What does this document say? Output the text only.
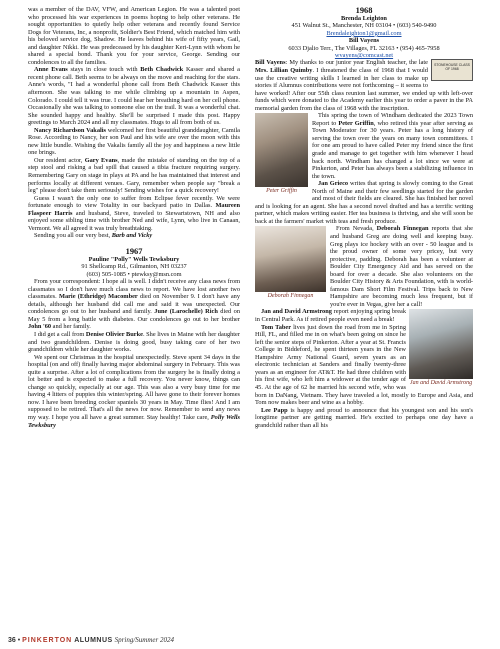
was a member of the DAV, VFW, and American Legion. He was a talented poet who processed his war experiences in poems hoping to help other veterans. He sought opportunities to quietly help other veterans and recently found Service Dogs for Veterans, Inc, a nonprofit, Soldier's Best Friend, which matched him with his beloved service dog, Shadow. He leaves behind his wife of fifty years, Gail, and daughter Nikki. He was predeceased by his daughter Keri-Lynn with whom he shared a special bond. Thank you for your service, George. Sending our condolences to all the families.

Anne Evans stays in close touch with Beth Chadwick Kasser and shared a recent phone call. Beth seems to be always on the move and reaching for the stars. Anne's words, "I had a wonderful phone call from Beth Chadwick Kasser this afternoon. She was talking to me while climbing up a mountain in Aspen, Colorado. I could tell it was true. I could hear her breathing hard on her cell phone. Occasionally she was talking to someone else on the trail. It was a wonderful chat. She sounded happy and healthy. She'll be surprised I made this post. Happy greetings to March 2024 and all my classmates. Hugs to all from both of us.

Nancy Richardson Vakalis welcomed her first beautiful granddaughter, Camila Rose. According to Nancy, her son Paul and his wife are over the moon with this new little bundle. Wishing the Vakalis family all the joy and happiness a new little one brings.

Our resident actor, Gary Evans, made the mistake of standing on the top of a step stool and risking a bad spill that caused a tibia fracture requiring surgery. Remembering Gary on stage in plays at PA and he has maintained that interest and performs locally at different venues. Gary, remember when people say "break a leg" please don't take them seriously! Sending wishes for a quick recovery!

Guess I wasn't the only one to suffer from Eclipse fever recently. We were fortunate enough to view Totality in our backyard patio in Dallas. Maureen Flaspeer Harris and husband, Steve, traveled to Stewartstown, NH and also enjoyed some sibling time with brother Ned and wife, Lynn, who live in Canaan, Vermont. We all agreed it was truly breathtaking.

Sending you all our very best, Barb and Vicky

1967
Pauline "Polly" Wells Tewksbury
91 Shellcamp Rd., Gilmanton, NH 03237
(603) 505-1085 • ptewksy@msn.com

From your correspondent: I hope all is well. I didn't receive any class news from classmates so I don't have much class news to report. We have lost another two classmates. Marie (Ethridge) Macomber died on November 9. I don't have any details, although her husband did call me and said it was unexpected. Our condolences go out to her husband and family. June (Larochelle) Rich died on May 5 from a long battle with diabetes. Our condolences go out to her brother John '60 and her family.

I did get a call from Denise Olivier Burke. She lives in Maine with her daughter and two grandchildren. Denise is doing good, busy taking care of her two grandchildren while her daughter works.

We spent our Christmas in the hospital unexpectedly. Steve spent 34 days in the hospital (on and off) finally having major abdominal surgery in February. This was quite a surprise. After a lot of complications from the surgery he is finally doing a lot better and is expected to make a full recovery. You never know, things can change so quickly, especially at our age. This was also a very busy time for me having 4 litters of puppies this winter/spring. All have gone to their forever homes now. I have been breeding cocker spaniels 30 years in May. Time flies! And I am supposed to be retired. That's all the news for now. Remember to send any news my way. I hope you all have a great summer. Stay healthy! Take care, Polly Wells Tewksbury

1968
Brenda Leighton
451 Walnut St., Manchester, NH 03104 • (603) 540-9490
Brendaleighton1@gmail.com
Bill Vayens
6033 Djalio Terr., The Villages, FL 32163 • (954) 465-7958
wvayens@comcast.net

STONEHOUSE CLASS OF 1968
Bill Vayens: My thanks to our junior year English teacher, the late Mrs. Lillian Quimby. I threatened the class of 1968 that I would use the creative writing skills I learned in her class to make up stories if Alumnus contributions were not forthcoming – it seems to have worked! After our 55th class reunion last summer, we ended up with left-over funds which were donated to the Academy earlier this year to order a paver in the PA memorial garden from the class of 1968 with the inscription.

Peter Griffin

This spring the town of Windham dedicated the 2023 Town Report to Peter Griffin, who retired this year after serving as Town Moderator for 30 years. Peter has a long history of serving the town over the years on many town committees. I for one am proud to have called Peter my friend since the first grade and manage to get together with him whenever I head back north. Windham has changed a lot since we were at Pinkerton, and Peter has always been a stabilizing influence in the town.

Jan Grieco writes that spring is slowly coming to the Great North of Maine and their few seedlings started for the garden and most of their fields are cleared. She has finished her novel and is looking for an agent. She has a second novel drafted and has a terrific writing partner, which makes writing easier. Her tea business is thriving, and she will soon be back at the farmers' market with teas and fresh produce.

Deborah Finnegan

From Nevada, Deborah Finnegan reports that she and husband Greg are doing well and keeping busy. Greg plays ice hockey with an over - 50 league and is the proud owner of some very pricey, but very protective, padding. Deborah has been a volunteer at Boulder City Emergency Aid and has served on the board for over a decade. She also volunteers on the Boulder City History & Arts Foundation, with is world-famous Dam Short Film Festival. Trips back to New Hampshire are becoming much less frequent, but if you're ever in Vegas, give her a call!

Jan and David Armstrong

Jan and David Armstrong report enjoying spring break in Central Park. As if retired people even need a break!

Tom Taber lives just down the road from me in Spring Hill, FL, and filled me in on what's been going on since he left the senior steps of Pinkerton. After a year at St. Francis College in Biddeford, he spent thirteen years in the New Hampshire Army National Guard, seven years as an electronic technician at Sanders and finally twenty-three years as an engineer for AT&T. He had three children with his first wife, who left him a widower at the tender age of 45. At the age of 62 he married his second wife, who was born in DaNang, Vietnam. They have traveled a lot, mostly to Europe and Asia, and Tom now makes beer and wine as a hobby.

Lee Papp is happy and proud to announce that his youngest son and his son's longtime partner are getting married. He's excited to perhaps one day have a grandchild rather than all his

36 • PINKERTON ALUMNUS Spring/Summer 2024
